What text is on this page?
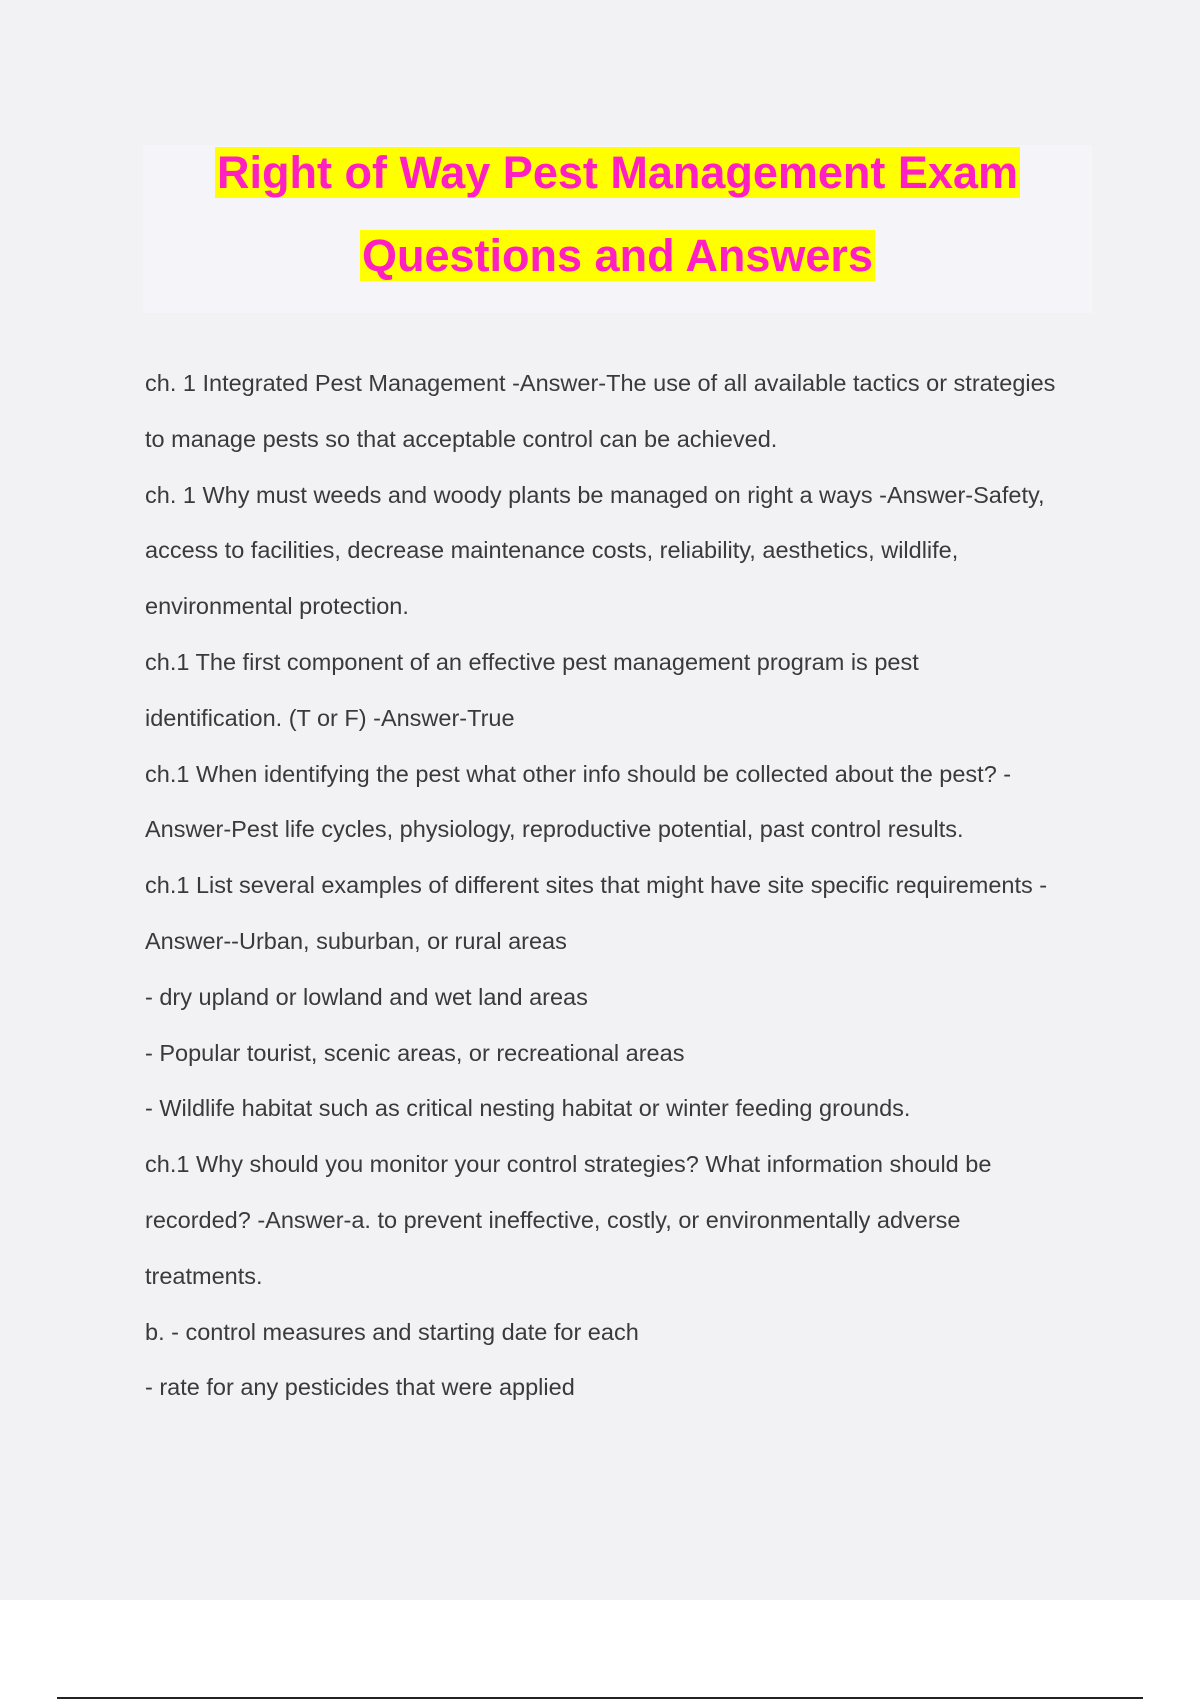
Right of Way Pest Management Exam
Questions and Answers
ch. 1 Integrated Pest Management -Answer-The use of all available tactics or strategies
to manage pests so that acceptable control can be achieved.
ch. 1 Why must weeds and woody plants be managed on right a ways -Answer-Safety,
access to facilities, decrease maintenance costs, reliability, aesthetics, wildlife,
environmental protection.
ch.1 The first component of an effective pest management program is pest
identification. (T or F) -Answer-True
ch.1 When identifying the pest what other info should be collected about the pest? -
Answer-Pest life cycles, physiology, reproductive potential, past control results.
ch.1 List several examples of different sites that might have site specific requirements -
Answer--Urban, suburban, or rural areas
- dry upland or lowland and wet land areas
- Popular tourist, scenic areas, or recreational areas
- Wildlife habitat such as critical nesting habitat or winter feeding grounds.
ch.1 Why should you monitor your control strategies? What information should be
recorded? -Answer-a. to prevent ineffective, costly, or environmentally adverse
treatments.
b. - control measures and starting date for each
- rate for any pesticides that were applied
